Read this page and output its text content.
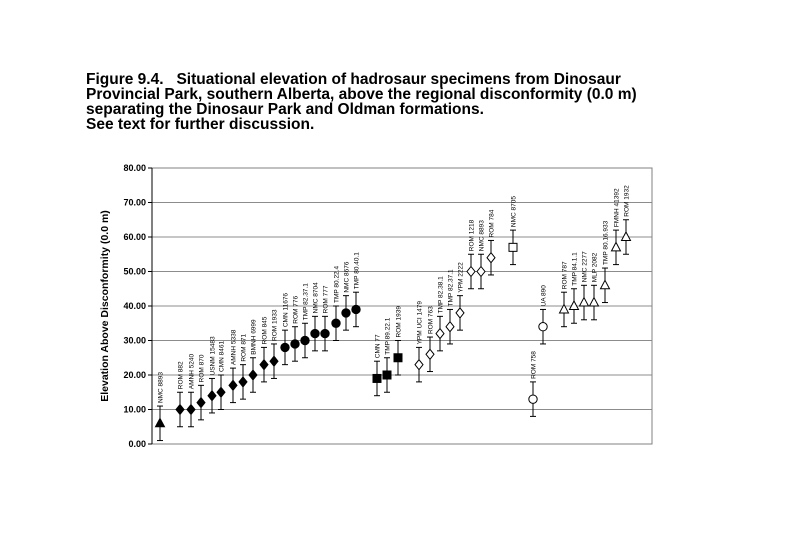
Figure 9.4. Situational elevation of hadrosaur specimens from Dinosaur
Provincial Park, southern Alberta, above the regional disconformity (0.0 m)
separating the Dinosaur Park and Oldman formations.
See text for further discussion.
0.00
10.00
20.00
30.00
40.00
50.00
60.00
70.00
80.00
Elevation Above Disconformity (0.0 m)	NMC 8893 ROM 882 AMNH 5240 ROM 870 USNM 15483 CMN 8461 AMNH 5338 ROM 871 BMNH 6999 ROM 845 ROM 1933 CMN 11676 ROM 776 TMP 82.37.1 NMC 8704 ROM 777 TMP 80.22.4 NMC 8676 TMP 80.40.1
CMN 77 TMP 89.22.1 ROM 1939 YPM UCI 1479 ROM 763
TMP 82.38.1 TMP 82.37.1 YPM 2222
ROM 1218 NMC 8893 ROM 784 NMC 8705
ROM 758
UA 890
ROM 787 TMP 84.1.1 NMC 2277 MLP 2082
TMP 80.16.933
FMNH 41392 ROM 1932
